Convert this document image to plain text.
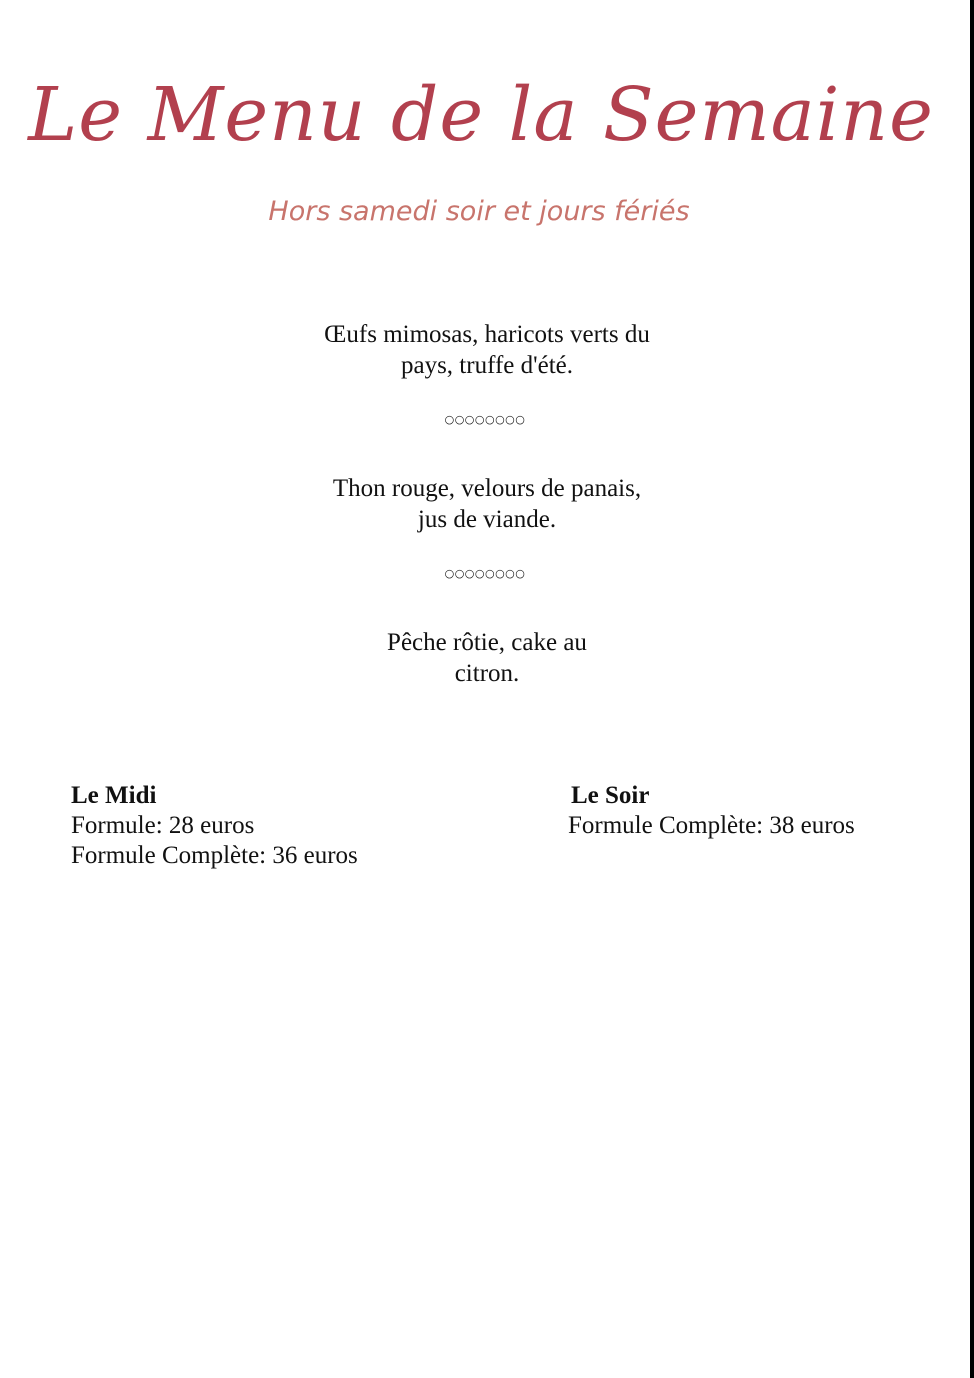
Le Menu de la Semaine
Hors samedi soir et jours fériés
Œufs mimosas, haricots verts du
pays, truffe d'été.
○○○○○○○○
Thon rouge, velours de panais,
jus de viande.
○○○○○○○○
Pêche rôtie, cake au
citron.
Le Midi
Formule: 28 euros
Formule Complète: 36 euros
Le Soir
Formule Complète: 38 euros
